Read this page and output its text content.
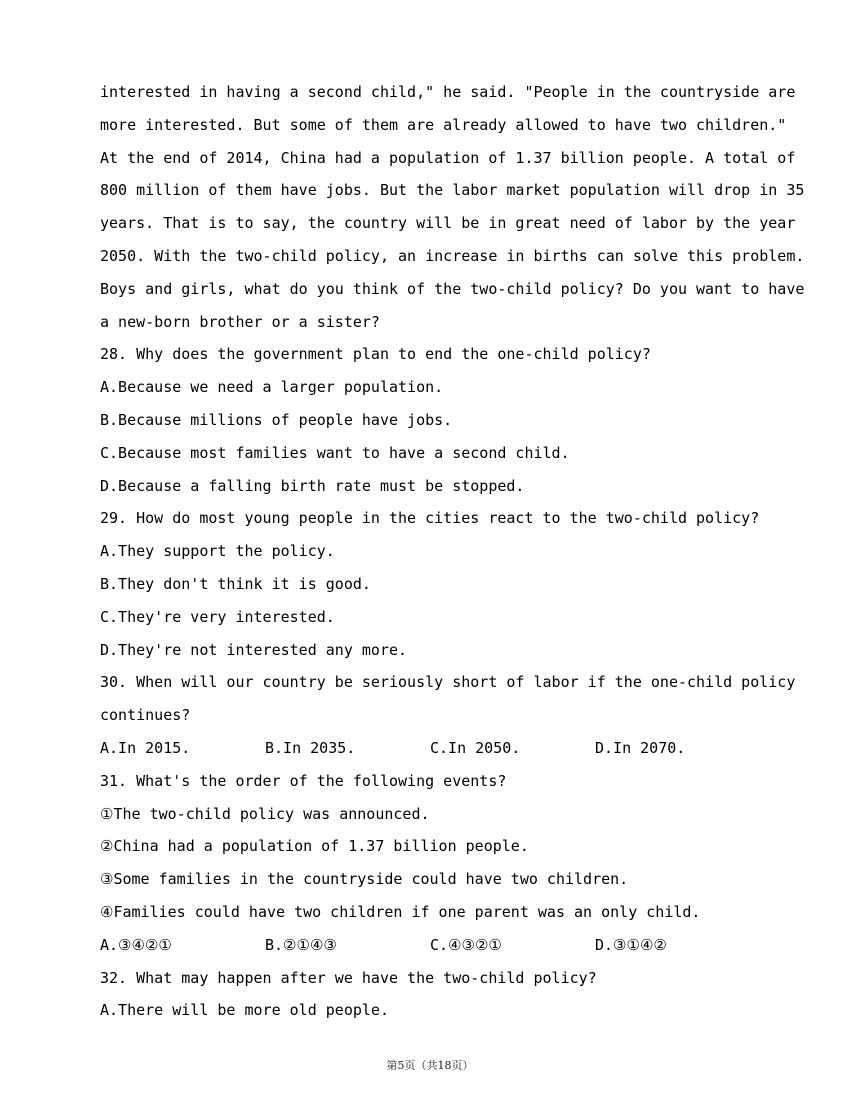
interested in having a second child," he said. "People in the countryside are
more interested. But some of them are already allowed to have two children."
At the end of 2014, China had a population of 1.37 billion people. A total of
800 million of them have jobs. But the labor market population will drop in 35
years. That is to say, the country will be in great need of labor by the year
2050. With the two-child policy, an increase in births can solve this problem.
Boys and girls, what do you think of the two-child policy? Do you want to have
a new-born brother or a sister?
28. Why does the government plan to end the one-child policy?
A.Because we need a larger population.
B.Because millions of people have jobs.
C.Because most families want to have a second child.
D.Because a falling birth rate must be stopped.
29. How do most young people in the cities react to the two-child policy?
A.They support the policy.
B.They don't think it is good.
C.They're very interested.
D.They're not interested any more.
30. When will our country be seriously short of labor if the one-child policy
continues?
A.In 2015.	B.In 2035.	C.In 2050.	D.In 2070.
31. What's the order of the following events?
①The two-child policy was announced.
②China had a population of 1.37 billion people.
③Some families in the countryside could have two children.
④Families could have two children if one parent was an only child.
A.③④②①	B.②①④③	C.④③②①	D.③①④②
32. What may happen after we have the two-child policy?
A.There will be more old people.
第5页（共18页）
